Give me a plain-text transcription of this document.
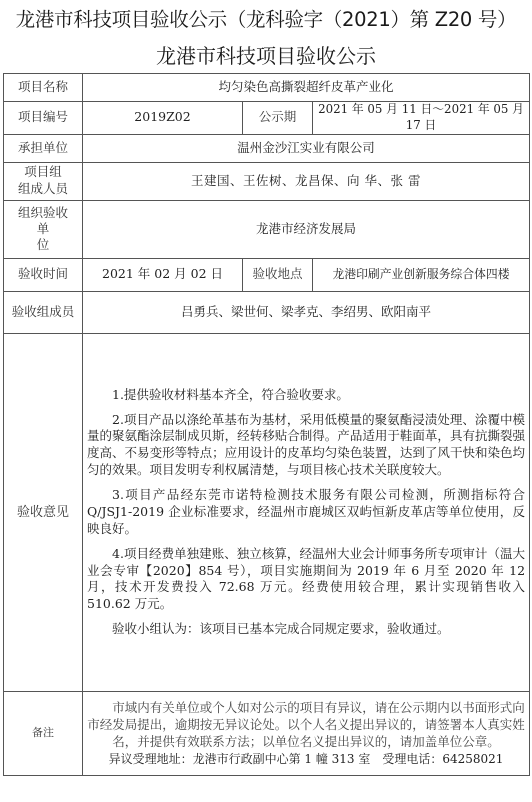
龙港市科技项目验收公示（龙科验字（2021）第 Z20 号）
龙港市科技项目验收公示
项目名称	均匀染色高撕裂超纤皮革产业化		
项目编号	2019Z02	公示期	2021 年 05 月 11 日～2021 年 05 月 17 日
承担单位	温州金沙江实业有限公司		
项目组
组成人员	王建国、王佐树、龙昌保、向 华、张 雷		
组织验收
单
位	龙港市经济发展局		
验收时间	2021 年 02 月 02 日	验收地点	龙港印刷产业创新服务综合体四楼
验收组成员	吕勇兵、梁世何、梁孝克、李绍男、欧阳南平		
验收意见	1.提供验收材料基本齐全，符合验收要求。

2.项目产品以涤纶革基布为基材，采用低模量的聚氨酯浸渍处理、涂覆中模量的聚氨酯涂层制成贝斯，经转移贴合制得。产品适用于鞋面革，具有抗撕裂强度高、不易变形等特点；应用设计的皮革均匀染色装置，达到了风干快和染色均匀的效果。项目发明专利权属清楚，与项目核心技术关联度较大。

3.项目产品经东莞市诺特检测技术服务有限公司检测，所测指标符合 Q/JSJ1-2019 企业标准要求，经温州市鹿城区双屿恒新皮革店等单位使用，反映良好。

4.项目经费单独建账、独立核算，经温州大业会计师事务所专项审计（温大业会专审【2020】854 号），项目实施期间为 2019 年 6 月至 2020 年 12 月，技术开发费投入 72.68 万元。经费使用较合理，累计实现销售收入 510.62 万元。

验收小组认为：该项目已基本完成合同规定要求，验收通过。		

备注	市域内有关单位或个人如对公示的项目有异议，请在公示期内以书面形式向市经发局提出，逾期按无异议论处。以个人名义提出异议的，请签署本人真实姓名，并提供有效联系方法；以单位名义提出异议的，请加盖单位公章。

异议受理地址：龙港市行政副中心第 1 幢 313 室　受理电话：64258021		
